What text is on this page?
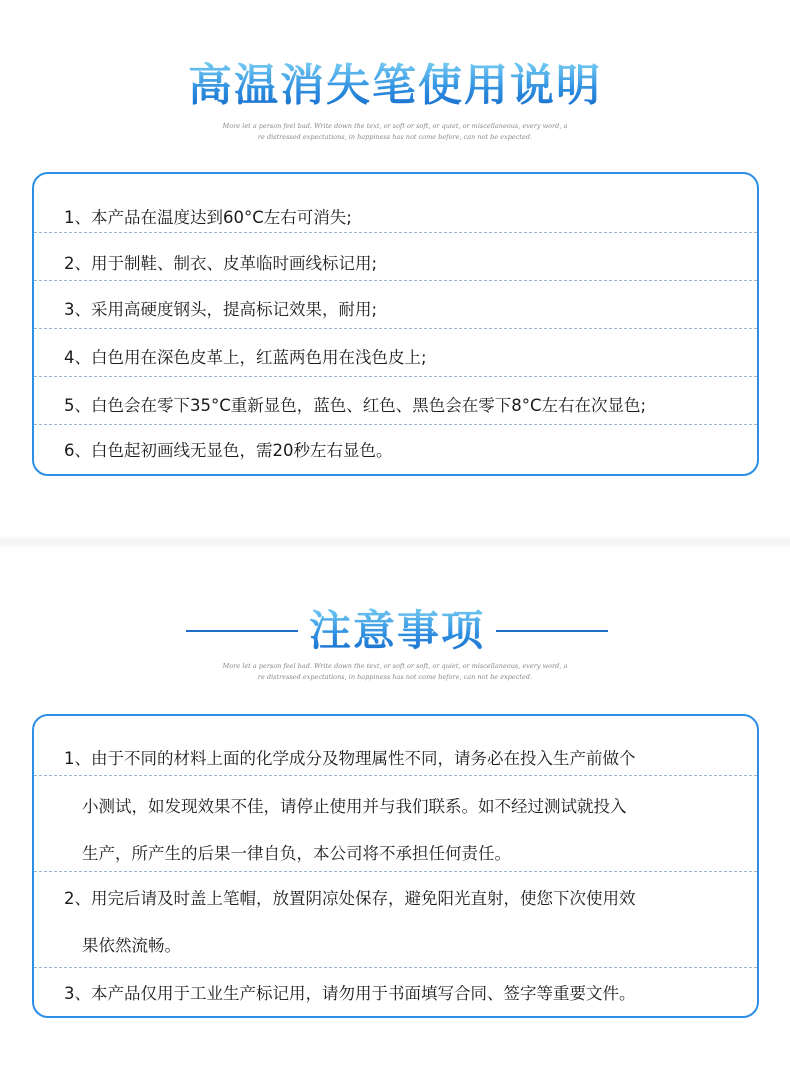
高温消失笔使用说明
More let a person feel bad. Write down the text, or soft or soft, or quiet, or miscellaneous, every word, a
re distressed expectations, in happiness has not come before, can not be expected.
1、本产品在温度达到60°C左右可消失;
2、用于制鞋、制衣、皮革临时画线标记用;
3、采用高硬度钢头，提高标记效果，耐用;
4、白色用在深色皮革上，红蓝两色用在浅色皮上;
5、白色会在零下35°C重新显色，蓝色、红色、黑色会在零下8°C左右在次显色;
6、白色起初画线无显色，需20秒左右显色。
注意事项
More let a person feel bad. Write down the text, or soft or soft, or quiet, or miscellaneous, every word, a
re distressed expectations, in happiness has not come before, can not be expected.
1、由于不同的材料上面的化学成分及物理属性不同，请务必在投入生产前做个
小测试，如发现效果不佳，请停止使用并与我们联系。如不经过测试就投入
生产，所产生的后果一律自负，本公司将不承担任何责任。
2、用完后请及时盖上笔帽，放置阴凉处保存，避免阳光直射，使您下次使用效
果依然流畅。
3、本产品仅用于工业生产标记用，请勿用于书面填写合同、签字等重要文件。
